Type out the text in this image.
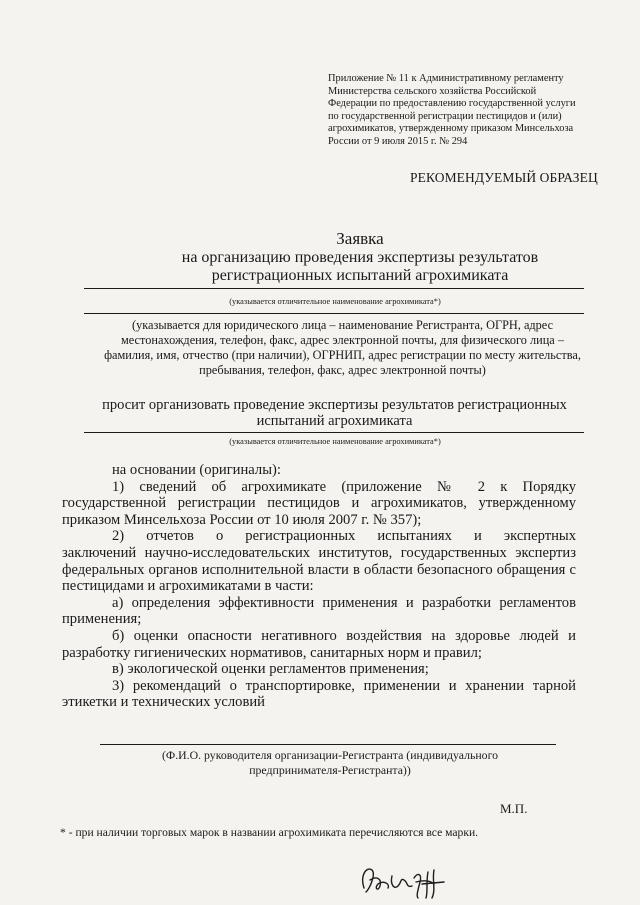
Приложение № 11 к Административному регламенту
Министерства сельского хозяйства Российской
Федерации по предоставлению государственной услуги
по государственной регистрации пестицидов и (или)
агрохимикатов, утвержденному приказом Минсельхоза
России от 9 июля 2015 г. № 294
РЕКОМЕНДУЕМЫЙ ОБРАЗЕЦ
Заявка
на организацию проведения экспертизы результатов
регистрационных испытаний агрохимиката
(указывается отличительное наименование агрохимиката*)
(указывается для юридического лица – наименование Регистранта, ОГРН, адрес
местонахождения, телефон, факс, адрес электронной почты, для физического лица –
фамилия, имя, отчество (при наличии), ОГРНИП, адрес регистрации по месту жительства,
пребывания, телефон, факс, адрес электронной почты)
просит организовать проведение экспертизы результатов регистрационных
испытаний агрохимиката
(указывается отличительное наименование агрохимиката*)

на основании (оригиналы):

1) сведений об агрохимикате (приложение № 2 к Порядку

государственной регистрации пестицидов и агрохимикатов, утвержденному приказом Минсельхоза России от 10 июля 2007 г. № 357);

2) отчетов о регистрационных испытаниях и экспертных

заключений научно-исследовательских институтов, государственных экспертиз федеральных органов исполнительной власти в области безопасного обращения с пестицидами и агрохимикатами в части:

а) определения эффективности применения и разработки регламентов применения;

б) оценки опасности негативного воздействия на здоровье людей и разработку гигиенических нормативов, санитарных норм и правил;

в) экологической оценки регламентов применения;

3) рекомендаций о транспортировке, применении и хранении тарной этикетки и технических условий

(Ф.И.О. руководителя организации-Регистранта (индивидуального
предпринимателя-Регистранта))
М.П.
* - при наличии торговых марок в названии агрохимиката перечисляются все марки.
